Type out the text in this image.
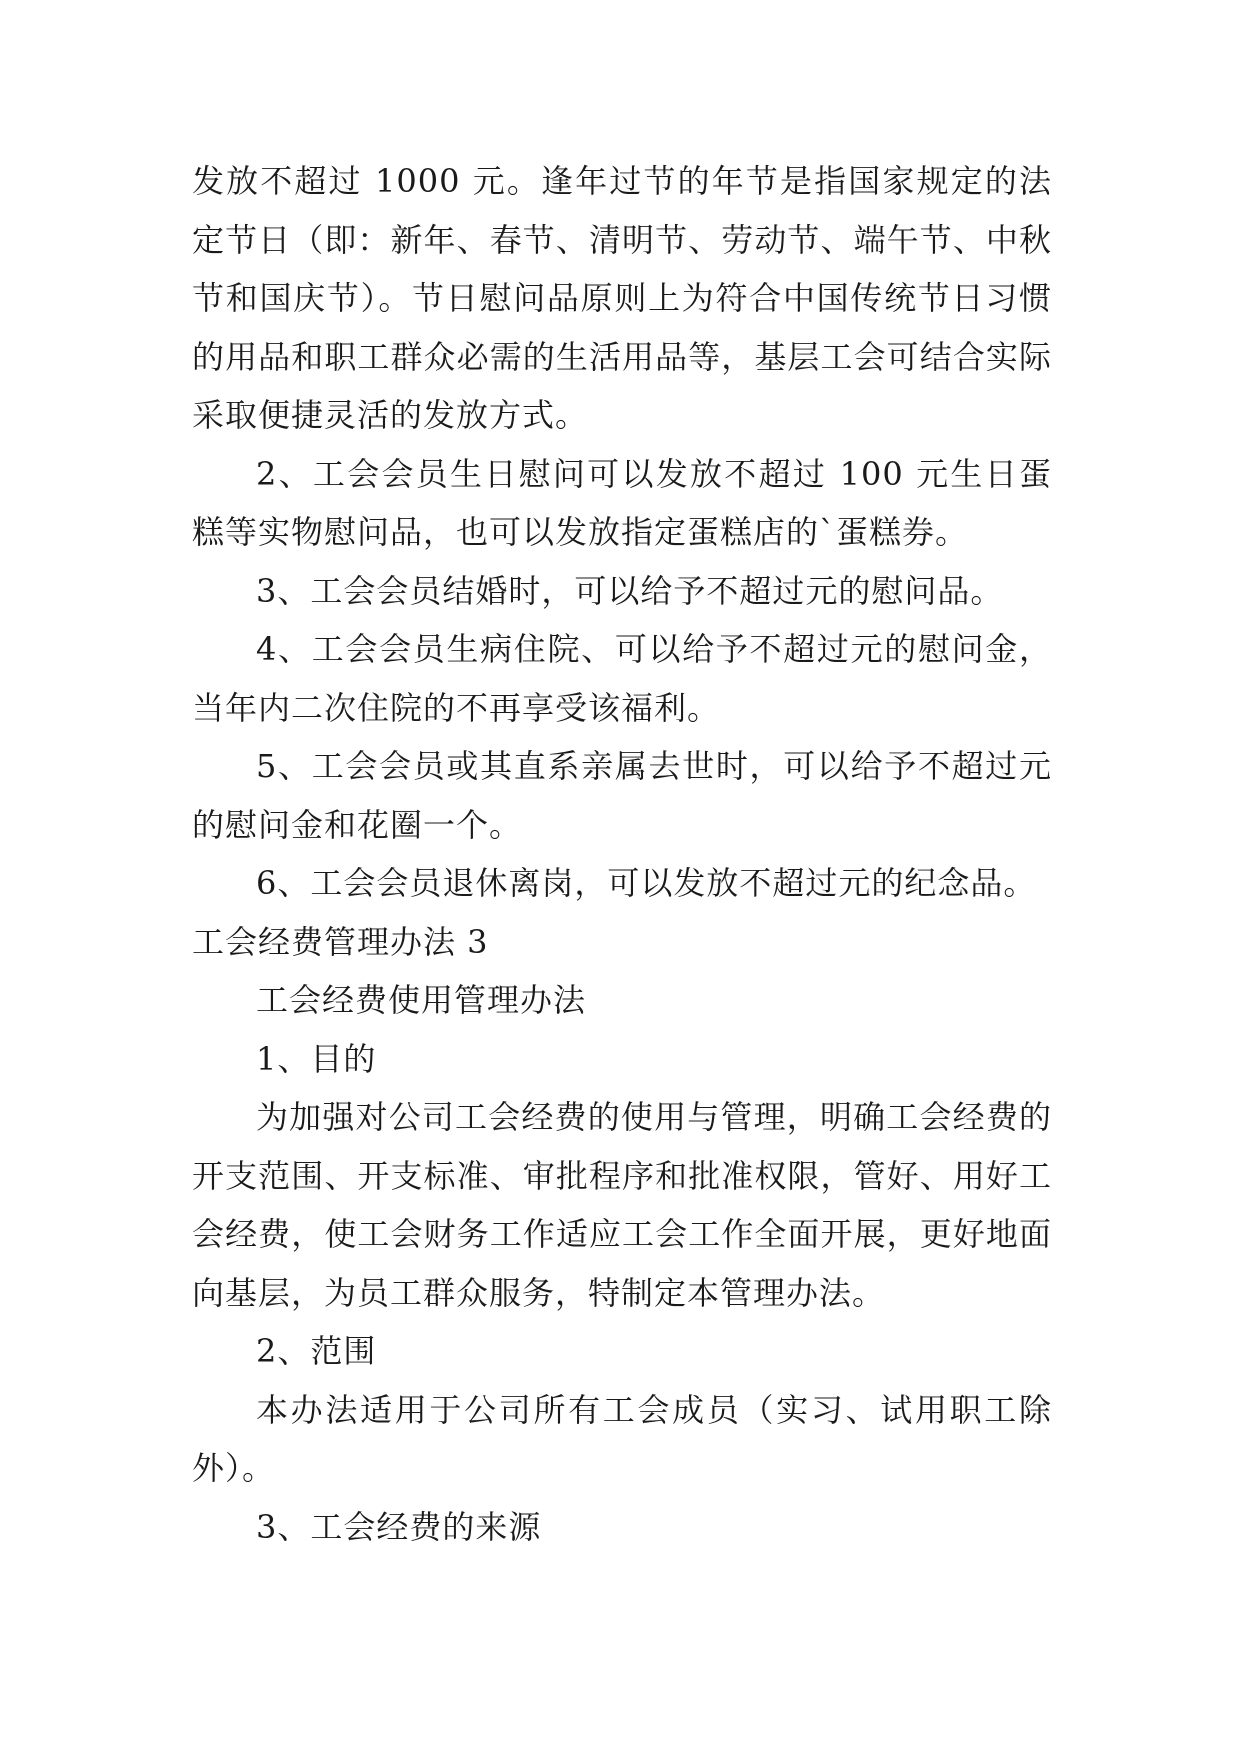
发放不超过 1000 元。逢年过节的年节是指国家规定的法定节日（即：新年、春节、清明节、劳动节、端午节、中秋节和国庆节）。节日慰问品原则上为符合中国传统节日习惯的用品和职工群众必需的生活用品等，基层工会可结合实际采取便捷灵活的发放方式。

2、工会会员生日慰问可以发放不超过 100 元生日蛋糕等实物慰问品，也可以发放指定蛋糕店的`蛋糕券。

3、工会会员结婚时，可以给予不超过元的慰问品。

4、工会会员生病住院、可以给予不超过元的慰问金，当年内二次住院的不再享受该福利。

5、工会会员或其直系亲属去世时，可以给予不超过元的慰问金和花圈一个。

6、工会会员退休离岗，可以发放不超过元的纪念品。

工会经费管理办法 3

工会经费使用管理办法

1、目的

为加强对公司工会经费的使用与管理，明确工会经费的开支范围、开支标准、审批程序和批准权限，管好、用好工会经费，使工会财务工作适应工会工作全面开展，更好地面向基层，为员工群众服务，特制定本管理办法。

2、范围

本办法适用于公司所有工会成员（实习、试用职工除外）。

3、工会经费的来源
